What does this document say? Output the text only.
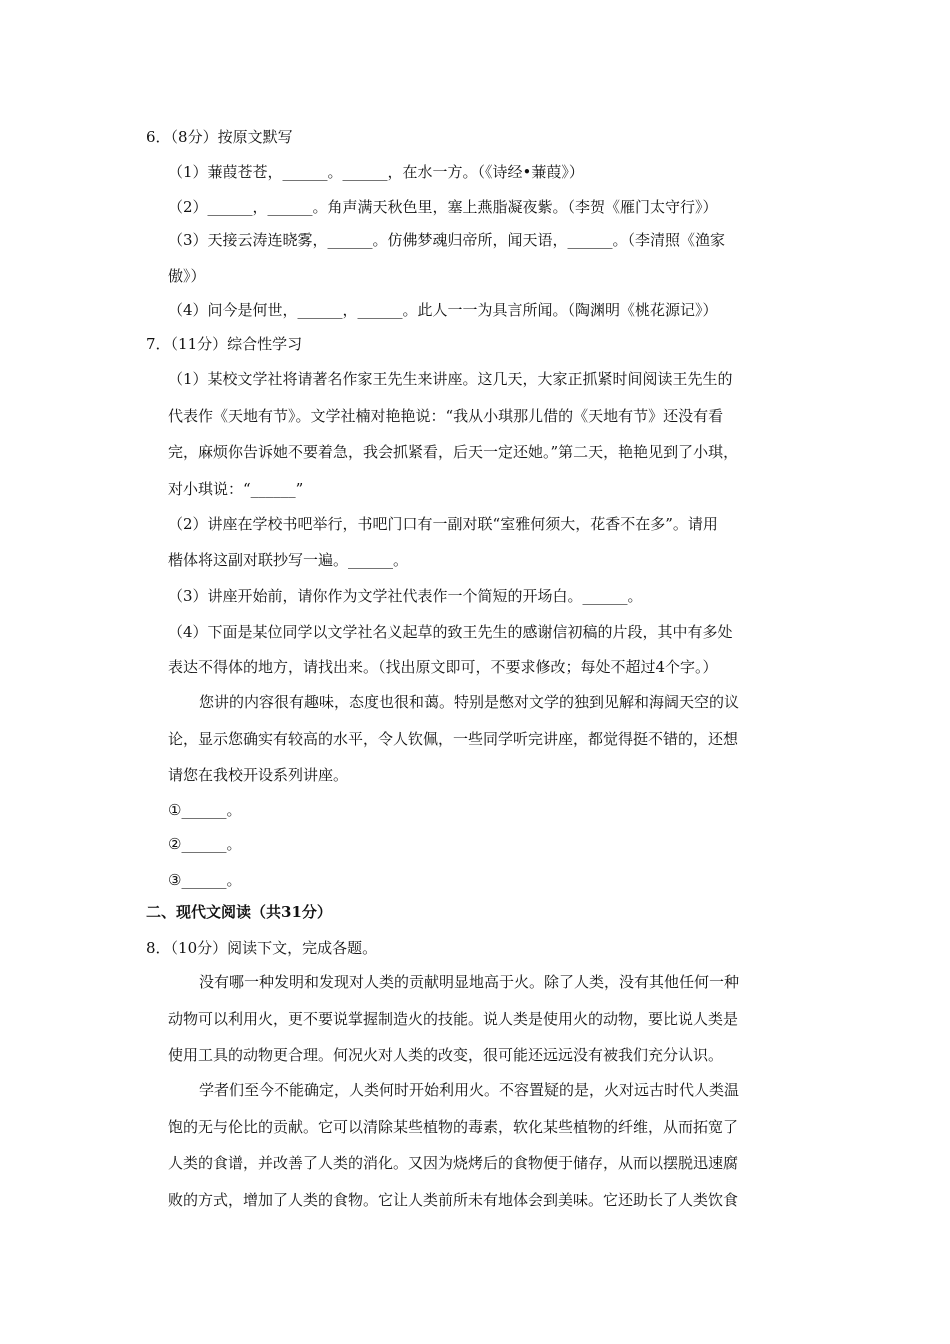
6．（8分）按原文默写
（1）蒹葭苍苍，______。______，在水一方。（《诗经•蒹葭》）
（2）______，______。角声满天秋色里，塞上燕脂凝夜紫。（李贺《雁门太守行》）
（3）天接云涛连晓雾，______。仿佛梦魂归帝所，闻天语，______。（李清照《渔家
傲》）
（4）问今是何世，______，______。此人一一为具言所闻。（陶渊明《桃花源记》）
7．（11分）综合性学习
（1）某校文学社将请著名作家王先生来讲座。这几天，大家正抓紧时间阅读王先生的
代表作《天地有节》。文学社楠对艳艳说：“我从小琪那儿借的《天地有节》还没有看
完，麻烦你告诉她不要着急，我会抓紧看，后天一定还她。”第二天，艳艳见到了小琪，
对小琪说：“______”
（2）讲座在学校书吧举行，书吧门口有一副对联“室雅何须大，花香不在多”。请用
楷体将这副对联抄写一遍。______。
（3）讲座开始前，请你作为文学社代表作一个简短的开场白。______。
（4）下面是某位同学以文学社名义起草的致王先生的感谢信初稿的片段，其中有多处
表达不得体的地方，请找出来。（找出原文即可，不要求修改；每处不超过4个字。）
您讲的内容很有趣味，态度也很和蔼。特别是憋对文学的独到见解和海阔天空的议
论，显示您确实有较高的水平，令人钦佩，一些同学听完讲座，都觉得挺不错的，还想
请您在我校开设系列讲座。
①______。
②______。
③______。
二、现代文阅读（共31分）
8．（10分）阅读下文，完成各题。
没有哪一种发明和发现对人类的贡献明显地高于火。除了人类，没有其他任何一种
动物可以利用火，更不要说掌握制造火的技能。说人类是使用火的动物，要比说人类是
使用工具的动物更合理。何况火对人类的改变，很可能还远远没有被我们充分认识。
学者们至今不能确定，人类何时开始利用火。不容置疑的是，火对远古时代人类温
饱的无与伦比的贡献。它可以清除某些植物的毒素，软化某些植物的纤维，从而拓宽了
人类的食谱，并改善了人类的消化。又因为烧烤后的食物便于储存，从而以摆脱迅速腐
败的方式，增加了人类的食物。它让人类前所未有地体会到美味。它还助长了人类饮食
